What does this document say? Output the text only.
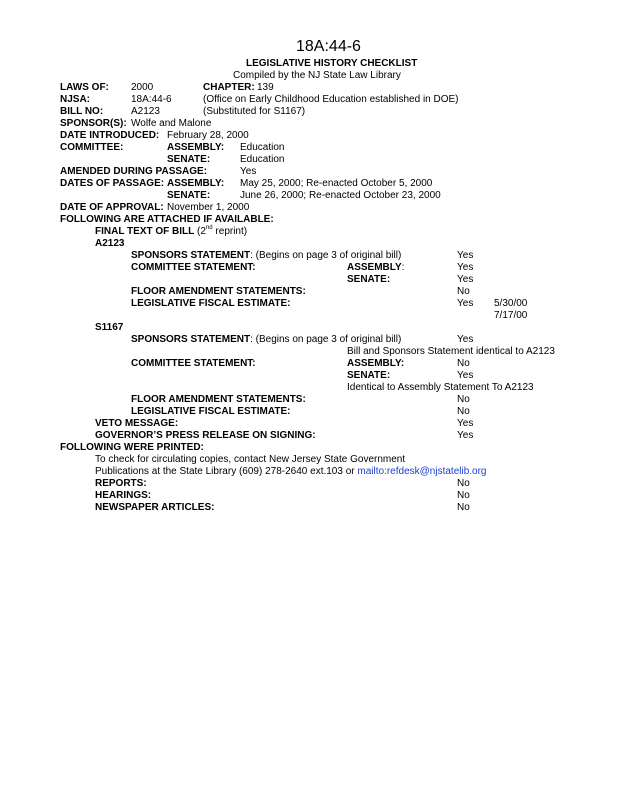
18A:44-6
LEGISLATIVE HISTORY CHECKLIST
Compiled by the NJ State Law Library
LAWS OF: 2000	CHAPTER: 139
NJSA:	18A:44-6	(Office on Early Childhood Education established in DOE)
BILL NO:	A2123	(Substituted for S1167)
SPONSOR(S): Wolfe and Malone
DATE INTRODUCED: February 28, 2000
COMMITTEE:	ASSEMBLY: Education
SENATE:	Education
AMENDED DURING PASSAGE:	Yes
DATES OF PASSAGE: ASSEMBLY: May 25, 2000; Re-enacted October 5, 2000
SENATE:	June 26, 2000; Re-enacted October 23, 2000
DATE OF APPROVAL: November 1, 2000
FOLLOWING ARE ATTACHED IF AVAILABLE:
FINAL TEXT OF BILL (2nd reprint)
A2123
SPONSORS STATEMENT: (Begins on page 3 of original bill)	Yes
COMMITTEE STATEMENT:	ASSEMBLY:	Yes
SENATE:	Yes
FLOOR AMENDMENT STATEMENTS:	No
LEGISLATIVE FISCAL ESTIMATE:	Yes 5/30/00
7/17/00
S1167
SPONSORS STATEMENT: (Begins on page 3 of original bill)	Yes
Bill and Sponsors Statement identical to A2123
COMMITTEE STATEMENT:	ASSEMBLY:	No
SENATE:	Yes
Identical to Assembly Statement To A2123
FLOOR AMENDMENT STATEMENTS:	No
LEGISLATIVE FISCAL ESTIMATE:	No
VETO MESSAGE:	Yes
GOVERNOR’S PRESS RELEASE ON SIGNING:	Yes
FOLLOWING WERE PRINTED:
To check for circulating copies, contact New Jersey State Government
Publications at the State Library (609) 278-2640 ext.103 or mailto:refdesk@njstatelib.org
REPORTS:	No
HEARINGS:	No
NEWSPAPER ARTICLES:	No
